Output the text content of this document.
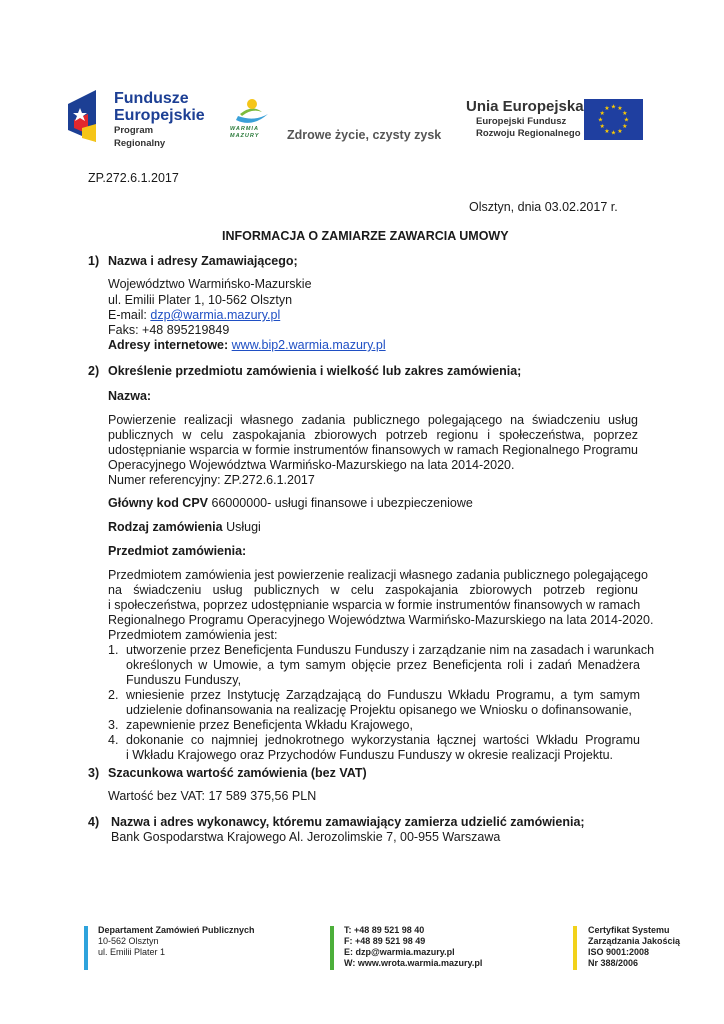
Fundusze
Europejskie
Program Regionalny
WARMIA MAZURY	Zdrowe życie, czysty zysk
Unia Europejska
Europejski Fundusz
Rozwoju Regionalnego
★ ★
★
★
★
★
★
★
★
★
★
★
ZP.272.6.1.2017
Olsztyn, dnia 03.02.2017 r.
INFORMACJA O ZAMIARZE ZAWARCIA UMOWY
1) Nazwa i adresy Zamawiającego;
Województwo Warmińsko-Mazurskie
ul. Emilii Plater 1, 10-562 Olsztyn
E-mail: dzp@warmia.mazury.pl
Faks: +48 895219849
Adresy internetowe: www.bip2.warmia.mazury.pl
2) Określenie przedmiotu zamówienia i wielkość lub zakres zamówienia;
Nazwa:
Powierzenie realizacji własnego zadania publicznego polegającego na świadczeniu usług
publicznych w celu zaspokajania zbiorowych potrzeb regionu i społeczeństwa, poprzez
udostępnianie wsparcia w formie instrumentów finansowych w ramach Regionalnego Programu
Operacyjnego Województwa Warmińsko-Mazurskiego na lata 2014-2020.
Numer referencyjny: ZP.272.6.1.2017
Główny kod CPV 66000000- usługi finansowe i ubezpieczeniowe
Rodzaj zamówienia Usługi
Przedmiot zamówienia:
Przedmiotem zamówienia jest powierzenie realizacji własnego zadania publicznego polegającego
na świadczeniu usług publicznych w celu zaspokajania zbiorowych potrzeb regionu
i społeczeństwa, poprzez udostępnianie wsparcia w formie instrumentów finansowych w ramach
Regionalnego Programu Operacyjnego Województwa Warmińsko-Mazurskiego na lata 2014-2020.
Przedmiotem zamówienia jest:
1. utworzenie przez Beneficjenta Funduszu Funduszy i zarządzanie nim na zasadach i warunkach
określonych w Umowie, a tym samym objęcie przez Beneficjenta roli i zadań Menadżera
Funduszu Funduszy,
2. wniesienie przez Instytucję Zarządzającą do Funduszu Wkładu Programu, a tym samym
udzielenie dofinansowania na realizację Projektu opisanego we Wniosku o dofinansowanie,
3. zapewnienie przez Beneficjenta Wkładu Krajowego,
4. dokonanie co najmniej jednokrotnego wykorzystania łącznej wartości Wkładu Programu
i Wkładu Krajowego oraz Przychodów Funduszu Funduszy w okresie realizacji Projektu.
3) Szacunkowa wartość zamówienia (bez VAT)
Wartość bez VAT: 17 589 375,56 PLN
4) Nazwa i adres wykonawcy, któremu zamawiający zamierza udzielić zamówienia;
Bank Gospodarstwa Krajowego Al. Jerozolimskie 7, 00-955 Warszawa
Departament Zamówień Publicznych
10-562 Olsztyn
ul. Emilii Plater 1
T: +48 89 521 98 40
F: +48 89 521 98 49
E: dzp@warmia.mazury.pl
W: www.wrota.warmia.mazury.pl
Certyfikat Systemu
Zarządzania Jakością
ISO 9001:2008
Nr 388/2006
